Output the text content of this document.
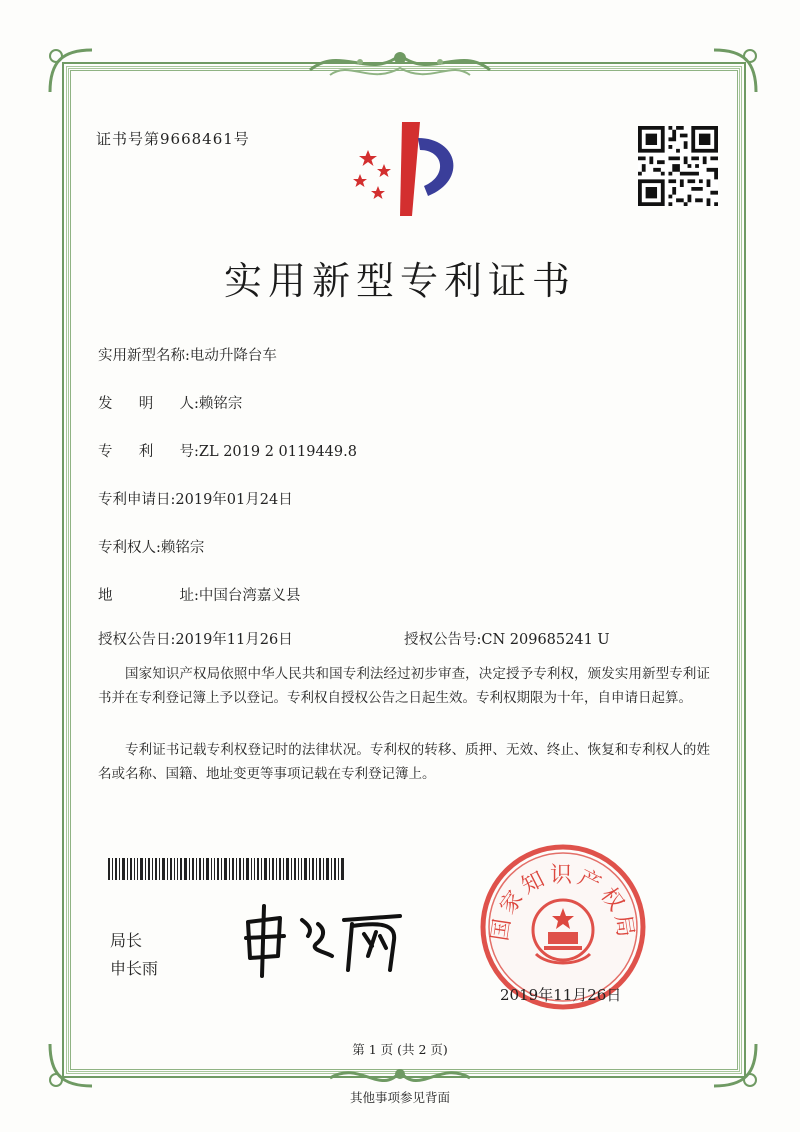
证书号第9668461号
实用新型专利证书
实用新型名称:电动升降台车
发 明 人 :赖铭宗
专 利 号 :ZL 2019 2 0119449.8
专利申请日:2019年01月24日
专利权人:赖铭宗
地	址 :中国台湾嘉义县
授权公告日:2019年11月26日	授权公告号:CN 209685241 U
国家知识产权局依照中华人民共和国专利法经过初步审查，决定授予专利权，颁发实用新型专利证书并在专利登记簿上予以登记。专利权自授权公告之日起生效。专利权期限为十年，自申请日起算。
专利证书记载专利权登记时的法律状况。专利权的转移、质押、无效、终止、恢复和专利权人的姓名或名称、国籍、地址变更等事项记载在专利登记簿上。
局长
申长雨
国家知识产权局
2019年11月26日
第 1 页 (共 2 页)
其他事项参见背面
